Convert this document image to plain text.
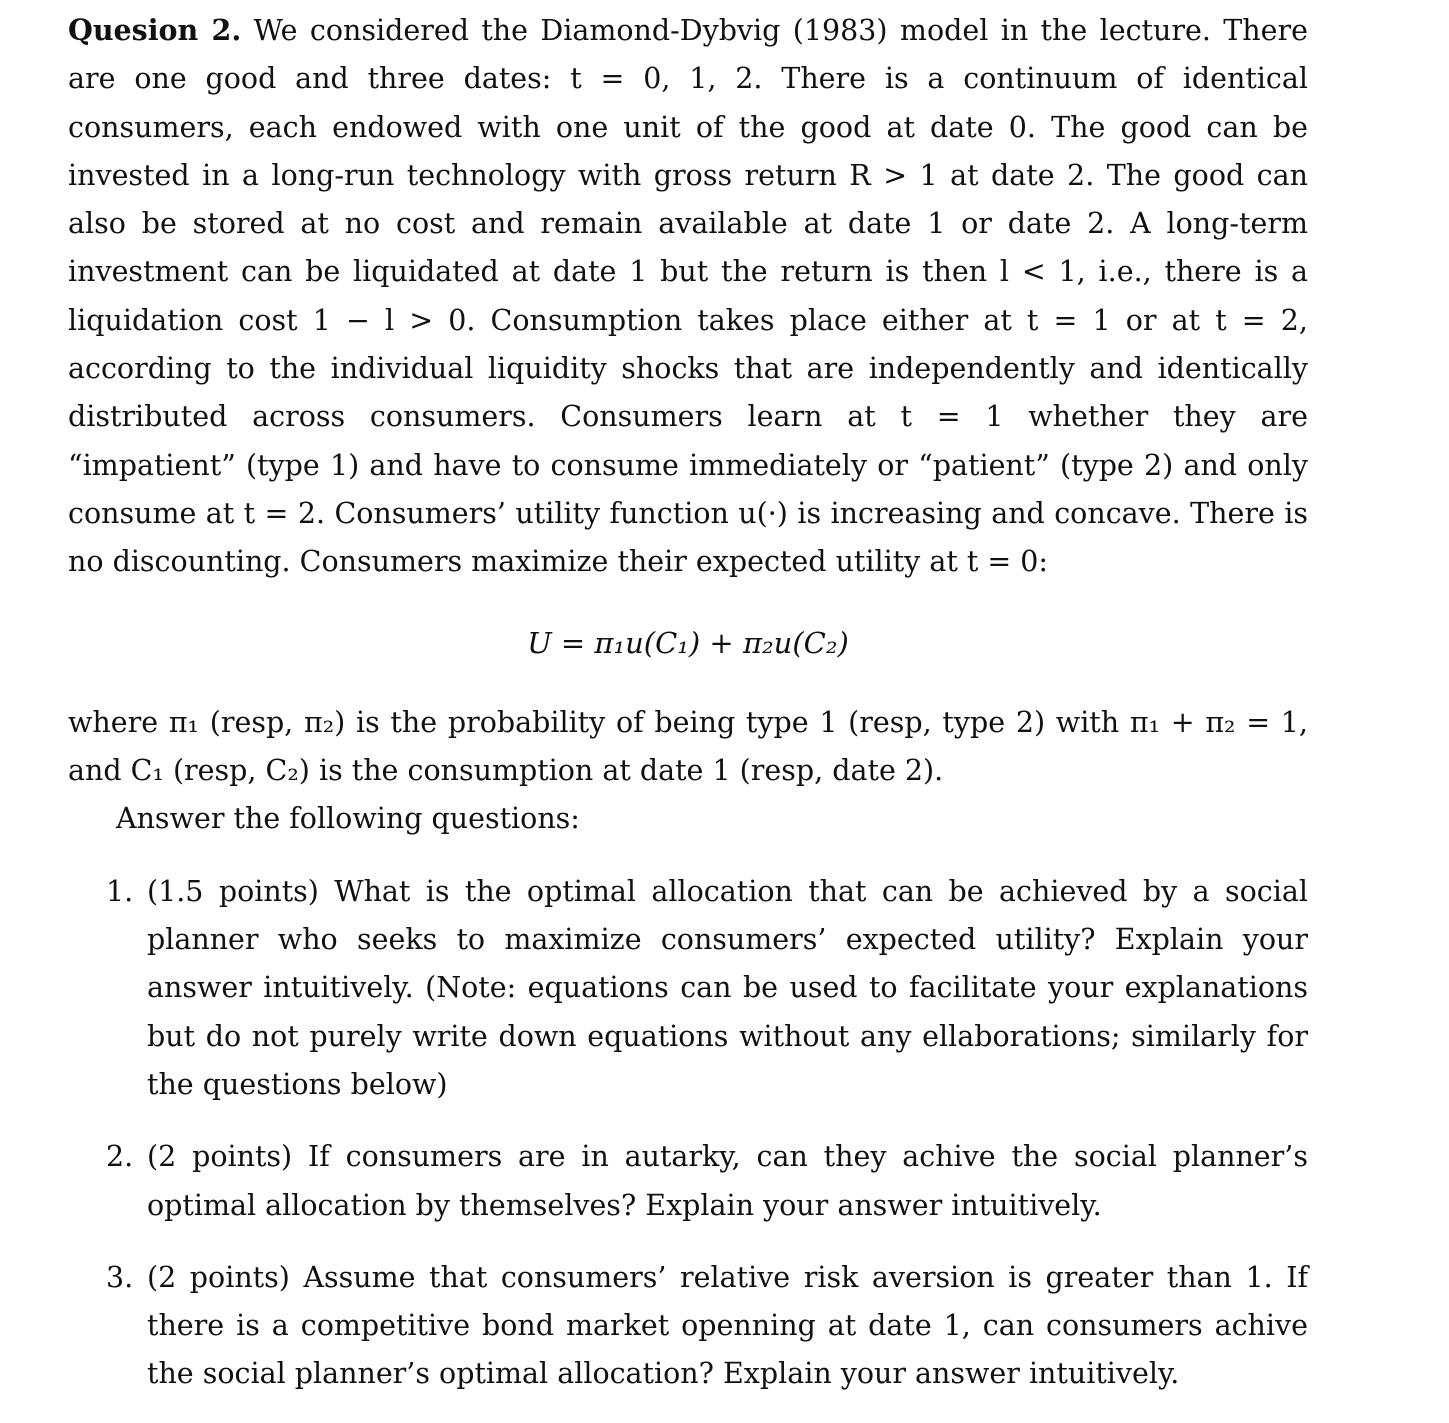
Quesion 2. We considered the Diamond-Dybvig (1983) model in the lecture. There are one good and three dates: t = 0, 1, 2. There is a continuum of identical consumers, each endowed with one unit of the good at date 0. The good can be invested in a long-run technology with gross return R > 1 at date 2. The good can also be stored at no cost and remain available at date 1 or date 2. A long-term investment can be liquidated at date 1 but the return is then l < 1, i.e., there is a liquidation cost 1 − l > 0. Consumption takes place either at t = 1 or at t = 2, according to the individual liquidity shocks that are independently and identically distributed across consumers. Consumers learn at t = 1 whether they are “impatient” (type 1) and have to consume immediately or “patient” (type 2) and only consume at t = 2. Consumers’ utility function u(·) is increasing and concave. There is no discounting. Consumers maximize their expected utility at t = 0:

U = π₁u(C₁) + π₂u(C₂)

where π₁ (resp, π₂) is the probability of being type 1 (resp, type 2) with π₁ + π₂ = 1, and C₁ (resp, C₂) is the consumption at date 1 (resp, date 2).

Answer the following questions:

1. (1.5 points) What is the optimal allocation that can be achieved by a social planner who seeks to maximize consumers’ expected utility? Explain your answer intuitively. (Note: equations can be used to facilitate your explanations but do not purely write down equations without any ellaborations; similarly for the questions below)
2. (2 points) If consumers are in autarky, can they achive the social planner’s optimal allocation by themselves? Explain your answer intuitively.
3. (2 points) Assume that consumers’ relative risk aversion is greater than 1. If there is a competitive bond market openning at date 1, can consumers achive the social planner’s optimal allocation? Explain your answer intuitively.
